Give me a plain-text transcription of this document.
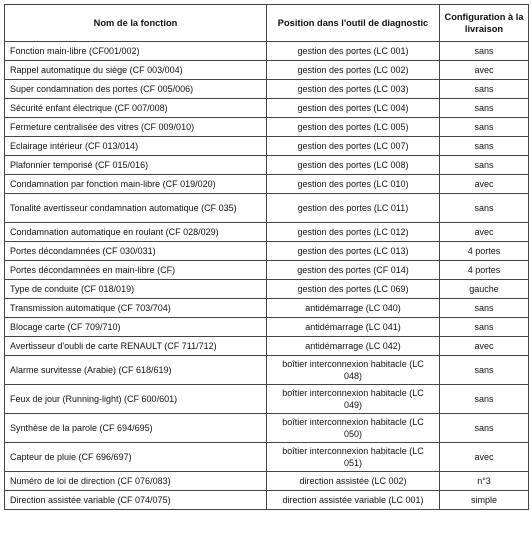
Nom de la fonction	Position dans l'outil de diagnostic	Configuration à la livraison
Fonction main-libre (CF001/002)	gestion des portes (LC 001)	sans
Rappel automatique du siège (CF 003/004)	gestion des portes (LC 002)	avec
Super condamnation des portes (CF 005/006)	gestion des portes (LC 003)	sans
Sécurité enfant électrique (CF 007/008)	gestion des portes (LC 004)	sans
Fermeture centralisée des vitres (CF 009/010)	gestion des portes (LC 005)	sans
Eclairage intérieur (CF 013/014)	gestion des portes (LC 007)	sans
Plafonnier temporisé (CF 015/016)	gestion des portes (LC 008)	sans
Condamnation par fonction main-libre (CF 019/020)	gestion des portes (LC 010)	avec
Tonalité avertisseur condamnation automatique (CF 035)	gestion des portes (LC 011)	sans
Condamnation automatique en roulant (CF 028/029)	gestion des portes (LC 012)	avec
Portes décondamnées (CF 030/031)	gestion des portes (LC 013)	4 portes
Portes décondamnées en main-libre (CF)	gestion des portes (CF 014)	4 portes
Type de conduite (CF 018/019)	gestion des portes (LC 069)	gauche
Transmission automatique (CF 703/704)	antidémarrage (LC 040)	sans
Blocage carte (CF 709/710)	antidémarrage (LC 041)	sans
Avertisseur d'oubli de carte RENAULT (CF 711/712)	antidémarrage (LC 042)	avec
Alarme survitesse (Arabie) (CF 618/619)	boîtier interconnexion habitacle (LC 048)	sans
Feux de jour (Running-light) (CF 600/601)	boîtier interconnexion habitacle (LC 049)	sans
Synthèse de la parole (CF 694/695)	boîtier interconnexion habitacle (LC 050)	sans
Capteur de pluie (CF 696/697)	boîtier interconnexion habitacle (LC 051)	avec
Numéro de loi de direction (CF 076/083)	direction assistée (LC 002)	n°3
Direction assistée variable (CF 074/075)	direction assistée variable (LC 001)	simple
